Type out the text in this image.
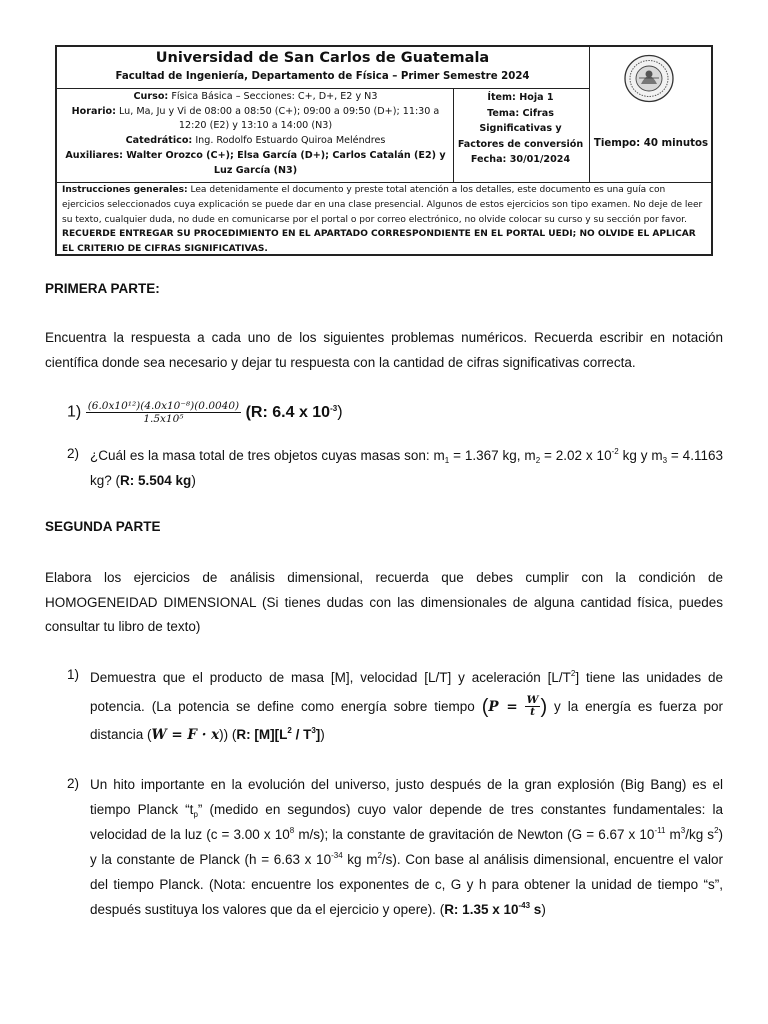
Universidad de San Carlos de Guatemala
Facultad de Ingeniería, Departamento de Física – Primer Semestre 2024
Curso: Física Básica – Secciones: C+, D+, E2 y N3
Horario: Lu, Ma, Ju y Vi de 08:00 a 08:50 (C+); 09:00 a 09:50 (D+); 11:30 a 12:20 (E2) y 13:10 a 14:00 (N3)
Catedrático: Ing. Rodolfo Estuardo Quiroa Meléndres
Auxiliares: Walter Orozco (C+); Elsa García (D+); Carlos Catalán (E2) y Luz García (N3)
Ítem: Hoja 1
Tema: Cifras Significativas y Factores de conversión
Fecha: 30/01/2024
Tiempo: 40 minutos
Instrucciones generales: Lea detenidamente el documento y preste total atención a los detalles, este documento es una guía con ejercicios seleccionados cuya explicación se puede dar en una clase presencial. Algunos de estos ejercicios son tipo examen. No deje de leer su texto, cualquier duda, no dude en comunicarse por el portal o por correo electrónico, no olvide colocar su curso y su sección por favor. RECUERDE ENTREGAR SU PROCEDIMIENTO EN EL APARTADO CORRESPONDIENTE EN EL PORTAL UEDI; NO OLVIDE EL APLICAR EL CRITERIO DE CIFRAS SIGNIFICATIVAS.
PRIMERA PARTE:
Encuentra la respuesta a cada uno de los siguientes problemas numéricos. Recuerda escribir en notación científica donde sea necesario y dejar tu respuesta con la cantidad de cifras significativas correcta.
$1) \frac{\text{(6.0x10¹²)(4.0x10⁻⁸)(0.0040)}}{\text{1.5x10⁵}} (R$: 6.4 x $10^{-3}$)
2) ¿Cuál es la masa total de tres objetos cuyas masas son: $m_1 = 1.367$ kg, $m_2 = 2.02$ x $10^{-2}$ kg y $m_3 = 4.1163$ kg? (R: 5.504 kg)
SEGUNDA PARTE
Elabora los ejercicios de análisis dimensional, recuerda que debes cumplir con la condición de HOMOGENEIDAD DIMENSIONAL (Si tienes dudas con las dimensionales de alguna cantidad física, puedes consultar tu libro de texto)
1) Demuestra que el producto de masa [M], velocidad [L/T] y aceleración $[L/T^2]$ tiene las unidades de potencia. (La potencia se define como energía sobre tiempo ($P = \frac{W}{t}$ ) y la energía es fuerza por distancia (W = F · x)) (R: $[M][L^2 / T^3]$)
2) Un hito importante en la evolución del universo, justo después de la gran explosión (Big Bang) es el tiempo Planck “$t_p$” (medido en segundos) cuyo valor depende de tres constantes fundamentales: la velocidad de la luz (c = 3.00 x $10^8$ m/s); la constante de gravitación de Newton (G = 6.67 x $10^{-11}$ $m^3/kg$ $s^2$) y la constante de Planck (h = 6.63 x $10^{-34}$ kg $m^2/s$). Con base al análisis dimensional, encuentre el valor del tiempo Planck. (Nota: encuentre los exponentes de c, G y h para obtener la unidad de tiempo “s”, después sustituya los valores que da el ejercicio y opere). (R: 1.35 x $10^{-43}$ s)
